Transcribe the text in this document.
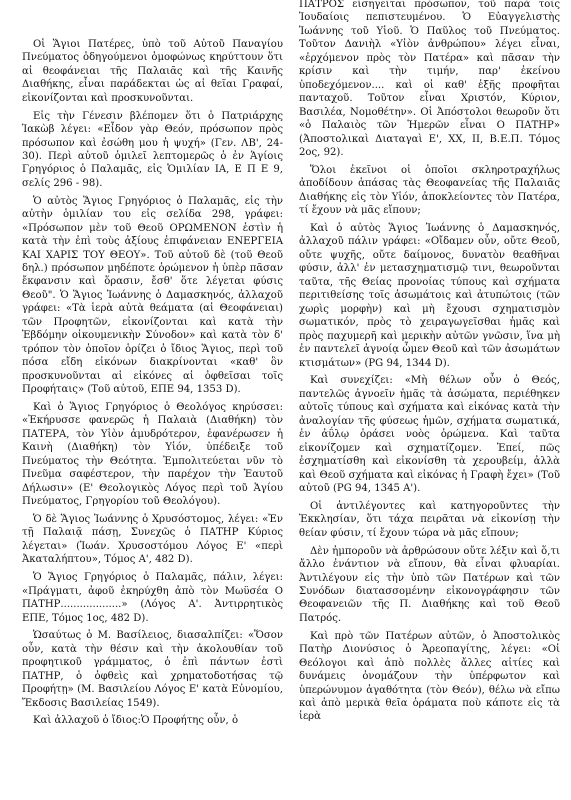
Οἱ Ἅγιοι Πατέρες, ὑπὸ τοῦ Αὐτοῦ Παναγίου Πνεύματος ὁδηγούμενοι ὁμοφώνως κηρύττουν ὅτι αἱ θεοφάνειαι τῆς Παλαιᾶς καὶ τῆς Καινῆς Διαθήκης, εἶναι παράδεκται ὡς αἱ θεῖαι Γραφαί, εἰκονίζονται καὶ προσκυνοῦνται.

Εἰς τὴν Γένεσιν βλέπομεν ὅτι ὁ Πατριάρχης Ἰακὼβ λέγει: «Εἶδον γὰρ Θεόν, πρόσωπον πρὸς πρόσωπον καὶ ἐσώθη μου ἡ ψυχή» (Γεν. ΛΒ', 24-30). Περὶ αὐτοῦ ὁμιλεῖ λεπτομερῶς ὁ ἐν Ἁγίοις Γρηγόριος ὁ Παλαμᾶς, εἰς Ὁμιλίαν ΙΑ, Ε Π Ε 9, σελίς 296 - 98).

Ὁ αὐτὸς Ἅγιος Γρηγόριος ὁ Παλαμᾶς, εἰς τὴν αὐτὴν ὁμιλίαν του εἰς σελίδα 298, γράφει: «Πρόσωπον μὲν τοῦ Θεοῦ ΟΡΩΜΕΝΟΝ ἐστὶν ἡ κατὰ τὴν ἐπὶ τοὺς ἀξίους ἐπιφάνειαν ΕΝΕΡΓΕΙΑ ΚΑΙ ΧΑΡΙΣ ΤΟΥ ΘΕΟΥ». Τοῦ αὐτοῦ δὲ (τοῦ Θεοῦ δηλ.) πρόσωπον μηδέποτε ὁρώμενον ἡ ὑπὲρ πᾶσαν ἔκφανσιν καὶ ὅρασιν, ἔσθ' ὅτε λέγεται φύσις Θεοῦ". Ὁ Ἅγιος Ἰωάννης ὁ Δαμασκηνός, ἀλλαχοῦ γράφει: «Τὰ ἱερὰ αὐτὰ θεάματα (αἱ Θεοφάνειαι) τῶν Προφητῶν, εἰκονίζονται καὶ κατὰ τὴν Ἑβδόμην οἰκουμενικὴν Σύνοδον» καὶ κατὰ τὸν δ' τρόπον τὸν ὁποῖον ὁρίζει ὁ ἴδιος Ἅγιος, περὶ τοῦ πόσα εἴδη εἰκόνων διακρίνονται «καθ' ὃν προσκυνοῦνται αἱ εἰκόνες αἱ ὀφθεῖσαι τοῖς Προφήταις» (Τοῦ αὐτοῦ, ΕΠΕ 94, 1353 D).

Καὶ ὁ Ἅγιος Γρηγόριος ὁ Θεολόγος κηρύσσει: «Ἐκήρυσσε φανερῶς ἡ Παλαιὰ (Διαθήκη) τὸν ΠΑΤΕΡΑ, τὸν Υἱὸν ἀμυδρότερον, ἐφανέρωσεν ἡ Καινὴ (Διαθήκη) τὸν Υἱόν, ὑπέδειξε τοῦ Πνεύματος τὴν Θεότητα. Ἐμπολιτεύεται νῦν τὸ Πνεῦμα σαφέστερον, τὴν παρέχον τὴν Ἑαυτοῦ Δήλωσιν» (Ε' Θεολογικὸς Λόγος περὶ τοῦ Ἁγίου Πνεύματος, Γρηγορίου τοῦ Θεολόγου).

Ὁ δὲ Ἅγιος Ἰωάννης ὁ Χρυσόστομος, λέγει: «Ἐν τῇ Παλαιᾷ πάσῃ, Συνεχῶς ὁ ΠΑΤΗΡ Κύριος λέγεται» (Ἰωάν. Χρυσοστόμου Λόγος Ε' «περὶ Ἀκαταλήπτου», Τόμος Α', 482 D).

Ὁ Ἅγιος Γρηγόριος ὁ Παλαμᾶς, πάλιν, λέγει: «Πράγματι, ἀφοῦ ἐκηρύχθη ἀπὸ τὸν Μωϋσέα Ο ΠΑΤΗΡ...................» (Λόγος Α'. Ἀντιρρητικὸς ΕΠΕ, Τόμος 1ος, 482 D).

Ὡσαύτως ὁ Μ. Βασίλειος, διασαλπίζει: «Ὅσον οὖν, κατὰ τὴν θέσιν καὶ τὴν ἀκολουθίαν τοῦ προφητικοῦ γράμματος, ὁ ἐπὶ πάντων ἐστὶ ΠΑΤΗΡ, ὁ ὀφθεὶς καὶ χρηματοδοτήσας τῷ Προφήτῃ» (Μ. Βασιλείου Λόγος Ε' κατὰ Εὐνομίου, Ἔκδοσις Βασιλείας 1549).

Καὶ ἀλλαχοῦ ὁ ἴδιος:Ὁ Προφήτης οὖν, ὁ

ΠΑΤΡΟΣ εἰσηγεῖται πρόσωπον, τοῦ παρὰ τοῖς Ἰουδαίοις πεπιστευμένου. Ὁ Εὐαγγελιστὴς Ἰωάννης τοῦ Υἱοῦ. Ὁ Παῦλος τοῦ Πνεύματος. Τοῦτον Δανιὴλ «Υἱὸν ἀνθρώπου» λέγει εἶναι, «ἐρχόμενον πρὸς τὸν Πατέρα» καὶ πᾶσαν τὴν κρίσιν καὶ τὴν τιμήν, παρ' ἐκείνου ὑποδεχόμενον.... καὶ οἱ καθ' ἑξῆς προφῆται πανταχοῦ. Τοῦτον εἶναι Χριστόν, Κύριον, Βασιλέα, Νομοθέτην». Οἱ Ἀπόστολοι θεωροῦν ὅτι «ὁ Παλαιὸς τῶν Ἡμερῶν εἶναι Ο ΠΑΤΗΡ» (Ἀποστολικαὶ Διαταγαὶ Ε', ΧΧ, ΙΙ, Β.Ε.Π. Τόμος 2ος, 92).

Ὅλοι ἐκεῖνοι οἱ ὁποῖοι σκληροτραχήλως ἀποδίδουν ἁπάσας τὰς Θεοφανείας τῆς Παλαιᾶς Διαθήκης εἰς τὸν Υἱόν, ἀποκλείοντες τὸν Πατέρα, τί ἔχουν νὰ μᾶς εἴπουν;

Καὶ ὁ αὐτὸς Ἅγιος Ἰωάννης ὁ Δαμασκηνός, ἀλλαχοῦ πάλιν γράφει: «Οἴδαμεν οὖν, οὔτε Θεοῦ, οὔτε ψυχῆς, οὔτε δαίμονος, δυνατὸν θεαθῆναι φύσιν, ἀλλ' ἐν μετασχηματισμῷ τινι, θεωροῦνται ταῦτα, τῆς Θείας προνοίας τύπους καὶ σχήματα περιτιθείσης τοῖς ἀσωμάτοις καὶ ἀτυπώτοις (τῶν χωρὶς μορφὴν) καὶ μὴ ἔχουσι σχηματισμὸν σωματικόν, πρὸς τὸ χειραγωγεῖσθαι ἡμᾶς καὶ πρὸς παχυμερῆ καὶ μερικὴν αὐτῶν γνῶσιν, ἵνα μὴ ἐν παντελεῖ ἀγνοίᾳ ὦμεν Θεοῦ καὶ τῶν ἀσωμάτων κτισμάτων» (PG 94, 1344 D).

Καὶ συνεχίζει: «Μὴ θέλων οὖν ὁ Θεός, παντελῶς ἀγνοεῖν ἡμᾶς τὰ ἀσώματα, περιέθηκεν αὐτοῖς τύπους καὶ σχήματα καὶ εἰκόνας κατὰ τὴν ἀναλογίαν τῆς φύσεως ἡμῶν, σχήματα σωματικά, ἐν ἀΰλῳ ὁράσει νοὸς ὁρώμενα. Καὶ ταῦτα εἰκονίζομεν καὶ σχηματίζομεν. Ἐπεί, πῶς ἐσχηματίσθη καὶ εἰκονίσθη τὰ χερουβείμ, ἀλλὰ καὶ Θεοῦ σχήματα καὶ εἰκόνας ἡ Γραφὴ ἔχει» (Τοῦ αὐτοῦ (PG 94, 1345 Α').

Οἱ ἀντιλέγοντες καὶ κατηγοροῦντες τὴν Ἐκκλησίαν, ὅτι τάχα πειρᾶται νὰ εἰκονίσῃ τὴν θείαν φύσιν, τί ἔχουν τώρα νὰ μᾶς εἴπουν;

Δὲν ἠμποροῦν νὰ ἀρθρώσουν οὔτε λέξιν καὶ ὅ,τι ἄλλο ἐνάντιον νὰ εἴπουν, θὰ εἶναι φλυαρίαι. Ἀντιλέγουν εἰς τὴν ὑπὸ τῶν Πατέρων καὶ τῶν Συνόδων διατασσομένην εἰκονογράφησιν τῶν Θεοφανειῶν τῆς Π. Διαθήκης καὶ τοῦ Θεοῦ Πατρός.

Καὶ πρὸ τῶν Πατέρων αὐτῶν, ὁ Ἀποστολικὸς Πατὴρ Διονύσιος ὁ Ἀρεοπαγίτης, λέγει: «Οἱ Θεόλογοι καὶ ἀπὸ πολλὲς ἄλλες αἰτίες καὶ δυνάμεις ὀνομάζουν τὴν ὑπέρφωτον καὶ ὑπερώνυμον ἀγαθότητα (τὸν Θεόν), θέλω νὰ εἴπω καὶ ἀπὸ μερικὰ θεῖα ὁράματα ποὺ κάποτε εἰς τὰ ἱερὰ
